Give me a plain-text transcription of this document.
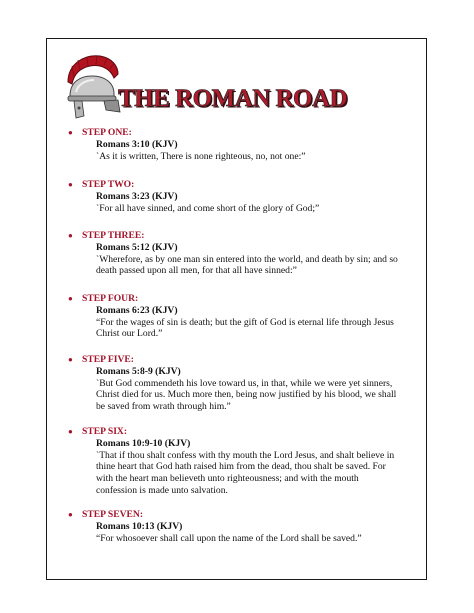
THE ROMAN ROAD
● STEP ONE:
Romans 3:10 (KJV)
`As it is written, There is none righteous, no, not one:”
● STEP TWO:
Romans 3:23 (KJV)
`For all have sinned, and come short of the glory of God;”
● STEP THREE:
Romans 5:12 (KJV)
`Wherefore, as by one man sin entered into the world, and death by sin; and so death passed upon all men, for that all have sinned:”
● STEP FOUR:
Romans 6:23 (KJV)
“For the wages of sin is death; but the gift of God is eternal life through Jesus Christ our Lord.”
● STEP FIVE:
Romans 5:8-9 (KJV)
`But God commendeth his love toward us, in that, while we were yet sinners, Christ died for us. Much more then, being now justified by his blood, we shall be saved from wrath through him.”
● STEP SIX:
Romans 10:9-10 (KJV)
`That if thou shalt confess with thy mouth the Lord Jesus, and shalt believe in thine heart that God hath raised him from the dead, thou shalt be saved. For with the heart man believeth unto righteousness; and with the mouth confession is made unto salvation.
● STEP SEVEN:
Romans 10:13 (KJV)
“For whosoever shall call upon the name of the Lord shall be saved.”
